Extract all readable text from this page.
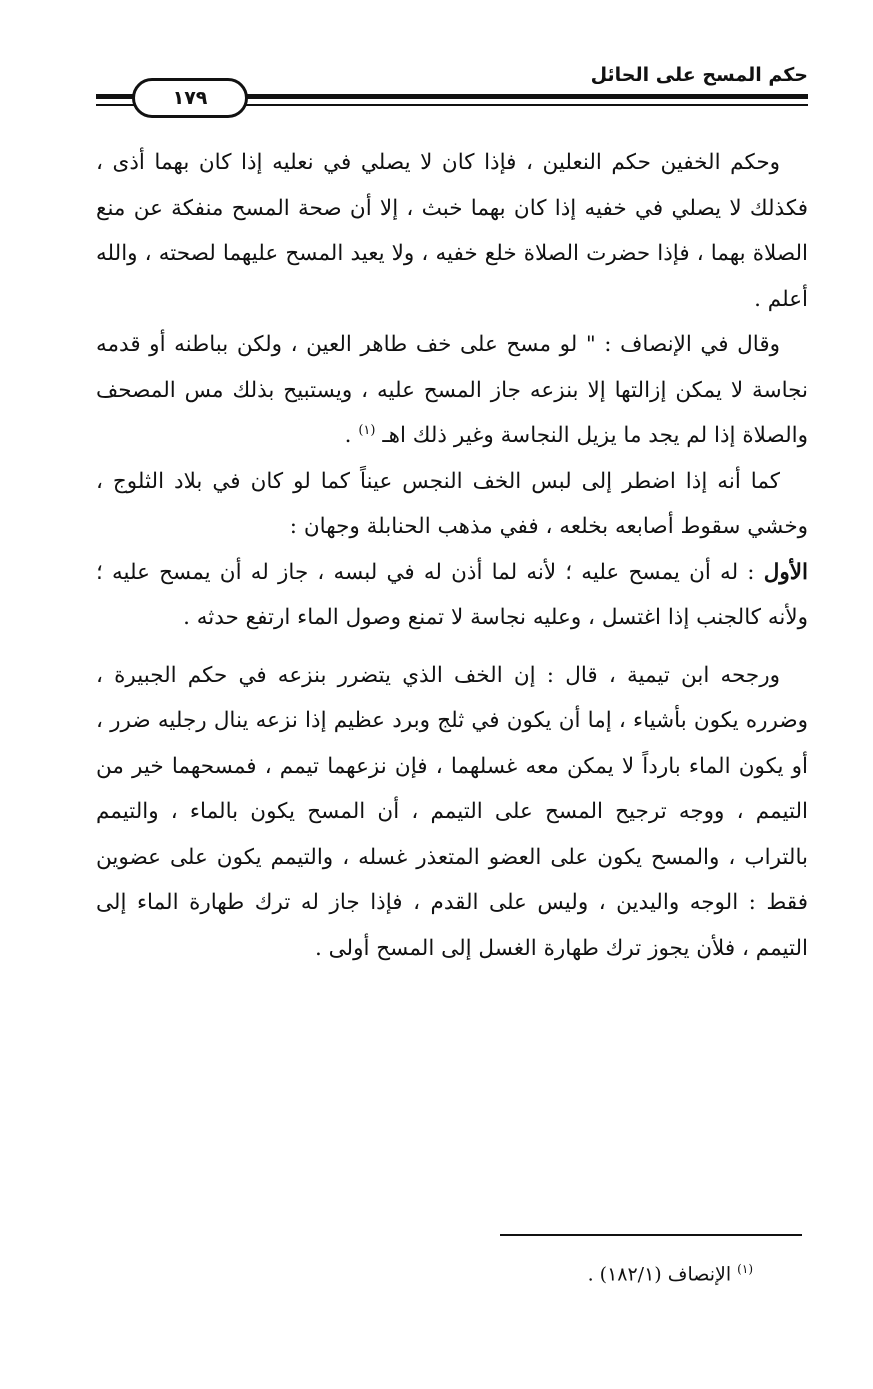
حكم المسح على الحائل
١٧٩

وحكم الخفين حكم النعلين ، فإذا كان لا يصلي في نعليه إذا كان بهما أذى ، فكذلك لا يصلي في خفيه إذا كان بهما خبث ، إلا أن صحة المسح منفكة عن منع الصلاة بهما ، فإذا حضرت الصلاة خلع خفيه ، ولا يعيد المسح عليهما لصحته ، والله أعلم .

وقال في الإنصاف : " لو مسح على خف طاهر العين ، ولكن بباطنه أو قدمه نجاسة لا يمكن إزالتها إلا بنزعه جاز المسح عليه ، ويستبيح بذلك مس المصحف والصلاة إذا لم يجد ما يزيل النجاسة وغير ذلك اهـ $^{(١)}$ .

كما أنه إذا اضطر إلى لبس الخف النجس عيناً كما لو كان في بلاد الثلوج ، وخشي سقوط أصابعه بخلعه ، ففي مذهب الحنابلة وجهان :

الأول : له أن يمسح عليه ؛ لأنه لما أذن له في لبسه ، جاز له أن يمسح عليه ؛ ولأنه كالجنب إذا اغتسل ، وعليه نجاسة لا تمنع وصول الماء ارتفع حدثه .

ورجحه ابن تيمية ، قال : إن الخف الذي يتضرر بنزعه في حكم الجبيرة ، وضرره يكون بأشياء ، إما أن يكون في ثلج وبرد عظيم إذا نزعه ينال رجليه ضرر ، أو يكون الماء بارداً لا يمكن معه غسلهما ، فإن نزعهما تيمم ، فمسحهما خير من التيمم ، ووجه ترجيح المسح على التيمم ، أن المسح يكون بالماء ، والتيمم بالتراب ، والمسح يكون على العضو المتعذر غسله ، والتيمم يكون على عضوين فقط : الوجه واليدين ، وليس على القدم ، فإذا جاز له ترك طهارة الماء إلى التيمم ، فلأن يجوز ترك طهارة الغسل إلى المسح أولى .

$^{(١)}$ الإنصاف (١٨٢/١) .
